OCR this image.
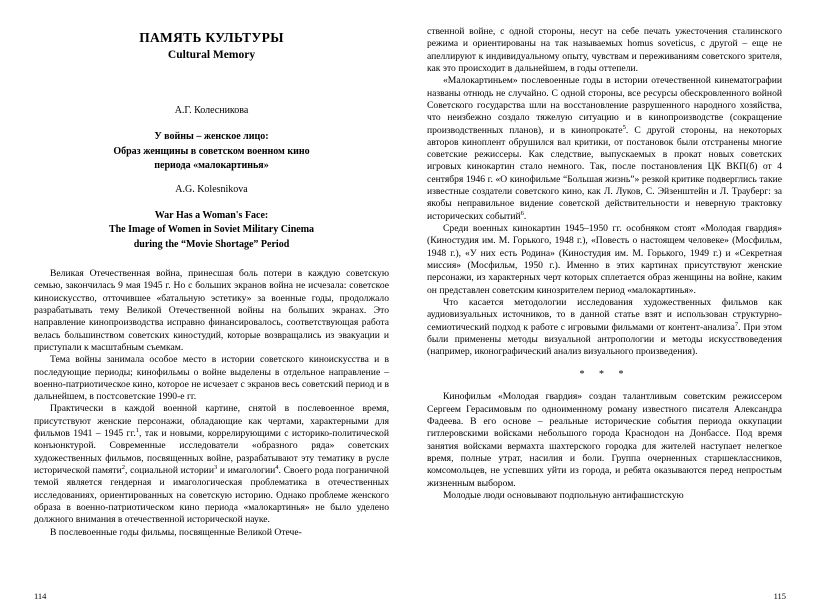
ПАМЯТЬ КУЛЬТУРЫ
Cultural Memory
А.Г. Колесникова
У войны – женское лицо:
Образ женщины в советском военном кино
периода «малокартинья»
A.G. Kolesnikova
War Has a Woman's Face:
The Image of Women in Soviet Military Cinema
during the “Movie Shortage” Period

Великая Отечественная война, принесшая боль потери в каждую советскую семью, закончилась 9 мая 1945 г. Но с больших экранов война не исчезала: советское киноискусство, отточившее «батальную эстетику» за военные годы, продолжало разрабатывать тему Великой Отечественной войны на больших экранах. Это направление кинопроизводства исправно финансировалось, соответствующая работа велась большинством советских киностудий, которые возвращались из эвакуации и приступали к масштабным съемкам.

Тема войны занимала особое место в истории советского киноискусства и в последующие периоды; кинофильмы о войне выделены в отдельное направление – военно-патриотическое кино, которое не исчезает с экранов весь советский период и в дальнейшем, в постсоветские 1990-е гг.

Практически в каждой военной картине, снятой в послевоенное время, присутствуют женские персонажи, обладающие как чертами, характерными для фильмов 1941 – 1945 гг.$^1$, так и новыми, коррелирующими с историко-политической конъюнктурой. Современные исследователи «образного ряда» советских художественных фильмов, посвященных войне, разрабатывают эту тематику в русле исторической памяти$^2$, социальной истории$^3$ и имагологии$^4$. Своего рода пограничной темой является гендерная и имагологическая проблематика в отечественных исследованиях, ориентированных на советскую историю. Однако проблеме женского образа в военно-патриотическом кино периода «малокартинья» не было уделено должного внимания в отечественной исторической науке.

В послевоенные годы фильмы, посвященные Великой Отече-

ственной войне, с одной стороны, несут на себе печать ужесточения сталинского режима и ориентированы на так называемых homus soveticus, с другой – еще не апеллируют к индивидуальному опыту, чувствам и переживаниям советского зрителя, как это происходит в дальнейшем, в годы оттепели.

«Малокартиньем» послевоенные годы в истории отечественной кинематографии названы отнюдь не случайно. С одной стороны, все ресурсы обескровленного войной Советского государства шли на восстановление разрушенного народного хозяйства, что неизбежно создало тяжелую ситуацию и в кинопроизводстве (сокращение производственных планов), и в кинопрокате$^5$. С другой стороны, на некоторых авторов киноплент обрушился вал критики, от постановок были отстранены многие советские режиссеры. Как следствие, выпускаемых в прокат новых советских игровых кинокартин стало немного. Так, после постановления ЦК ВКП(б) от 4 сентября 1946 г. «О кинофильме “Большая жизнь”» резкой критике подверглись такие известные создатели советского кино, как Л. Луков, С. Эйзенштейн и Л. Трауберг: за якобы неправильное видение советской действительности и неверную трактовку исторических событий$^6$.

Среди военных кинокартин 1945–1950 гг. особняком стоят «Молодая гвардия» (Киностудия им. М. Горького, 1948 г.), «Повесть о настоящем человеке» (Мосфильм, 1948 г.), «У них есть Родина» (Киностудия им. М. Горького, 1949 г.) и «Секретная миссия» (Мосфильм, 1950 г.). Именно в этих картинах присутствуют женские персонажи, из характерных черт которых сплетается образ женщины на войне, каким он представлен советским кинозрителем период «малокартинья».

Что касается методологии исследования художественных фильмов как аудиовизуальных источников, то в данной статье взят и использован структурно-семиотический подход к работе с игровыми фильмами от контент-анализа$^7$. При этом были применены методы визуальной антропологии и методы искусствоведения (например, иконографический анализ визуального произведения).

* * *

Кинофильм «Молодая гвардия» создан талантливым советским режиссером Сергеем Герасимовым по одноименному роману известного писателя Александра Фадеева. В его основе – реальные исторические события периода оккупации гитлеровскими войсками небольшого города Краснодон на Донбассе. Под время занятия войсками вермахта шахтерского городка для жителей наступает нелегкое время, полные утрат, насилия и боли. Группа очерненных старшеклассников, комсомольцев, не успевших уйти из города, и ребята оказываются перед непростым жизненным выбором.

Молодые люди основывают подпольную антифашистскую

114	115
